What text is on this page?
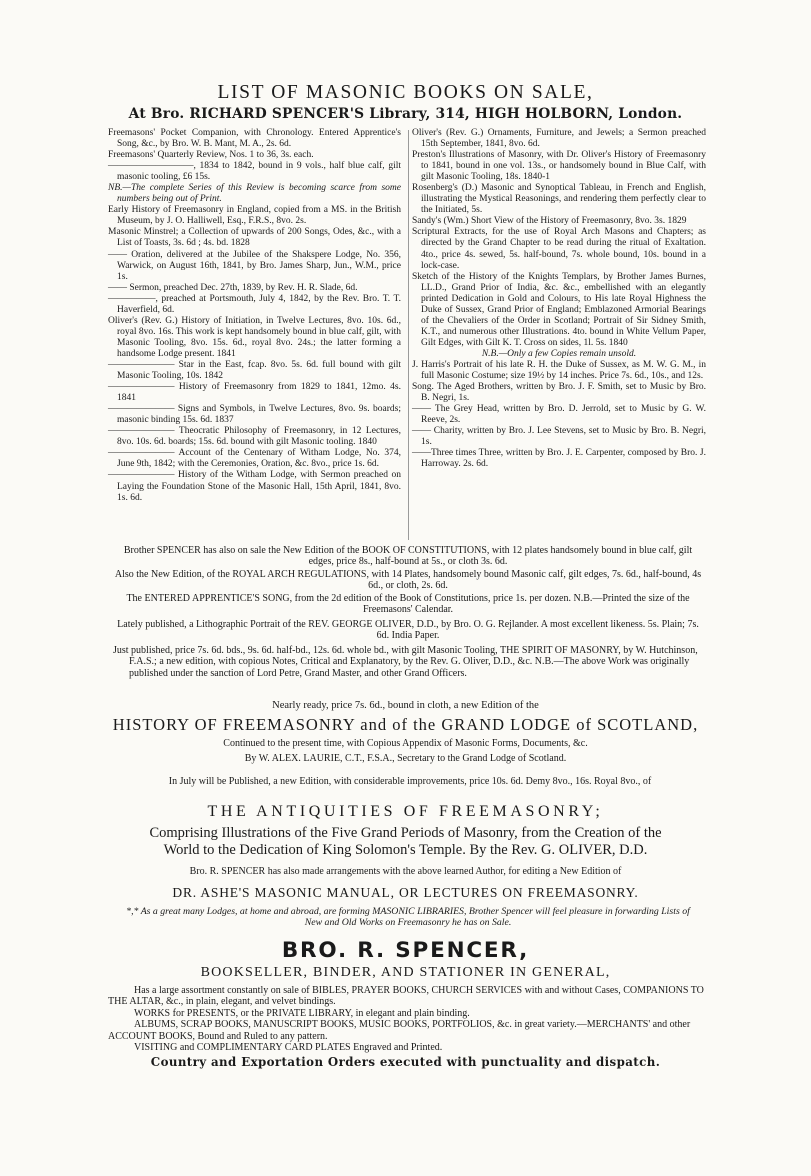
LIST OF MASONIC BOOKS ON SALE,
At Bro. RICHARD SPENCER'S Library, 314, HIGH HOLBORN, London.
Freemasons' Pocket Companion, with Chronology. Entered Apprentice's Song, &c., by Bro. W. B. Mant, M. A., 2s. 6d.
Freemasons' Quarterly Review, Nos. 1 to 36, 3s. each.
—————————, 1834 to 1842, bound in 9 vols., half blue calf, gilt masonic tooling, £6 15s.
NB.—The complete Series of this Review is becoming scarce from some numbers being out of Print.
Early History of Freemasonry in England, copied from a MS. in the British Museum, by J. O. Halliwell, Esq., F.R.S., 8vo. 2s.
Masonic Minstrel; a Collection of upwards of 200 Songs, Odes, &c., with a List of Toasts, 3s. 6d ; 4s. bd. 1828
—— Oration, delivered at the Jubilee of the Shakspere Lodge, No. 356, Warwick, on August 16th, 1841, by Bro. James Sharp, Jun., W.M., price 1s.
—— Sermon, preached Dec. 27th, 1839, by Rev. H. R. Slade, 6d.
—————, preached at Portsmouth, July 4, 1842, by the Rev. Bro. T. T. Haverfield, 6d.
Oliver's (Rev. G.) History of Initiation, in Twelve Lectures, 8vo. 10s. 6d., royal 8vo. 16s. This work is kept handsomely bound in blue calf, gilt, with Masonic Tooling, 8vo. 15s. 6d., royal 8vo. 24s.; the latter forming a handsome Lodge present. 1841
——————— Star in the East, fcap. 8vo. 5s. 6d. full bound with gilt Masonic Tooling, 10s. 1842
——————— History of Freemasonry from 1829 to 1841, 12mo. 4s. 1841
——————— Signs and Symbols, in Twelve Lectures, 8vo. 9s. boards; masonic binding 15s. 6d. 1837
——————— Theocratic Philosophy of Freemasonry, in 12 Lectures, 8vo. 10s. 6d. boards; 15s. 6d. bound with gilt Masonic tooling. 1840
——————— Account of the Centenary of Witham Lodge, No. 374, June 9th, 1842; with the Ceremonies, Oration, &c. 8vo., price 1s. 6d.
——————— History of the Witham Lodge, with Sermon preached on Laying the Foundation Stone of the Masonic Hall, 15th April, 1841, 8vo. 1s. 6d.
Oliver's (Rev. G.) Ornaments, Furniture, and Jewels; a Sermon preached 15th September, 1841, 8vo. 6d.
Preston's Illustrations of Masonry, with Dr. Oliver's History of Freemasonry to 1841, bound in one vol. 13s., or handsomely bound in Blue Calf, with gilt Masonic Tooling, 18s. 1840-1
Rosenberg's (D.) Masonic and Synoptical Tableau, in French and English, illustrating the Mystical Reasonings, and rendering them perfectly clear to the Initiated, 5s.
Sandy's (Wm.) Short View of the History of Freemasonry, 8vo. 3s. 1829
Scriptural Extracts, for the use of Royal Arch Masons and Chapters; as directed by the Grand Chapter to be read during the ritual of Exaltation. 4to., price 4s. sewed, 5s. half-bound, 7s. whole bound, 10s. bound in a lock-case.
Sketch of the History of the Knights Templars, by Brother James Burnes, LL.D., Grand Prior of India, &c. &c., embellished with an elegantly printed Dedication in Gold and Colours, to His late Royal Highness the Duke of Sussex, Grand Prior of England; Emblazoned Armorial Bearings of the Chevaliers of the Order in Scotland; Portrait of Sir Sidney Smith, K.T., and numerous other Illustrations. 4to. bound in White Vellum Paper, Gilt Edges, with Gilt K. T. Cross on sides, 1l. 5s. 1840
N.B.—Only a few Copies remain unsold.
J. Harris's Portrait of his late R. H. the Duke of Sussex, as M. W. G. M., in full Masonic Costume; size 19½ by 14 inches. Price 7s. 6d., 10s., and 12s.
Song. The Aged Brothers, written by Bro. J. F. Smith, set to Music by Bro. B. Negri, 1s.
—— The Grey Head, written by Bro. D. Jerrold, set to Music by G. W. Reeve, 2s.
—— Charity, written by Bro. J. Lee Stevens, set to Music by Bro. B. Negri, 1s.
——Three times Three, written by Bro. J. E. Carpenter, composed by Bro. J. Harroway. 2s. 6d.
Brother SPENCER has also on sale the New Edition of the BOOK OF CONSTITUTIONS, with 12 plates handsomely bound in blue calf, gilt edges, price 8s., half-bound at 5s., or cloth 3s. 6d.
Also the New Edition, of the ROYAL ARCH REGULATIONS, with 14 Plates, handsomely bound Masonic calf, gilt edges, 7s. 6d., half-bound, 4s 6d., or cloth, 2s. 6d.
The ENTERED APPRENTICE'S SONG, from the 2d edition of the Book of Constitutions, price 1s. per dozen. N.B.—Printed the size of the Freemasons' Calendar.
Lately published, a Lithographic Portrait of the REV. GEORGE OLIVER, D.D., by Bro. O. G. Rejlander. A most excellent likeness. 5s. Plain; 7s. 6d. India Paper.
Just published, price 7s. 6d. bds., 9s. 6d. half-bd., 12s. 6d. whole bd., with gilt Masonic Tooling, THE SPIRIT OF MASONRY, by W. Hutchinson, F.A.S.; a new edition, with copious Notes, Critical and Explanatory, by the Rev. G. Oliver, D.D., &c. N.B.—The above Work was originally published under the sanction of Lord Petre, Grand Master, and other Grand Officers.
Nearly ready, price 7s. 6d., bound in cloth, a new Edition of the
HISTORY OF FREEMASONRY and of the GRAND LODGE of SCOTLAND,
Continued to the present time, with Copious Appendix of Masonic Forms, Documents, &c.
By W. ALEX. LAURIE, C.T., F.S.A., Secretary to the Grand Lodge of Scotland.
In July will be Published, a new Edition, with considerable improvements, price 10s. 6d. Demy 8vo., 16s. Royal 8vo., of
THE ANTIQUITIES OF FREEMASONRY;
Comprising Illustrations of the Five Grand Periods of Masonry, from the Creation of the
World to the Dedication of King Solomon's Temple. By the Rev. G. OLIVER, D.D.
Bro. R. SPENCER has also made arrangements with the above learned Author, for editing a New Edition of
DR. ASHE'S MASONIC MANUAL, OR LECTURES ON FREEMASONRY.
*,* As a great many Lodges, at home and abroad, are forming MASONIC LIBRARIES, Brother Spencer will feel pleasure in forwarding Lists of New and Old Works on Freemasonry he has on Sale.
BRO. R. SPENCER,
BOOKSELLER, BINDER, AND STATIONER IN GENERAL,
Has a large assortment constantly on sale of BIBLES, PRAYER BOOKS, CHURCH SERVICES with and without Cases, COMPANIONS TO THE ALTAR, &c., in plain, elegant, and velvet bindings.
WORKS for PRESENTS, or the PRIVATE LIBRARY, in elegant and plain binding.
ALBUMS, SCRAP BOOKS, MANUSCRIPT BOOKS, MUSIC BOOKS, PORTFOLIOS, &c. in great variety.—MERCHANTS' and other ACCOUNT BOOKS, Bound and Ruled to any pattern.
VISITING and COMPLIMENTARY CARD PLATES Engraved and Printed.
Country and Exportation Orders executed with punctuality and dispatch.
